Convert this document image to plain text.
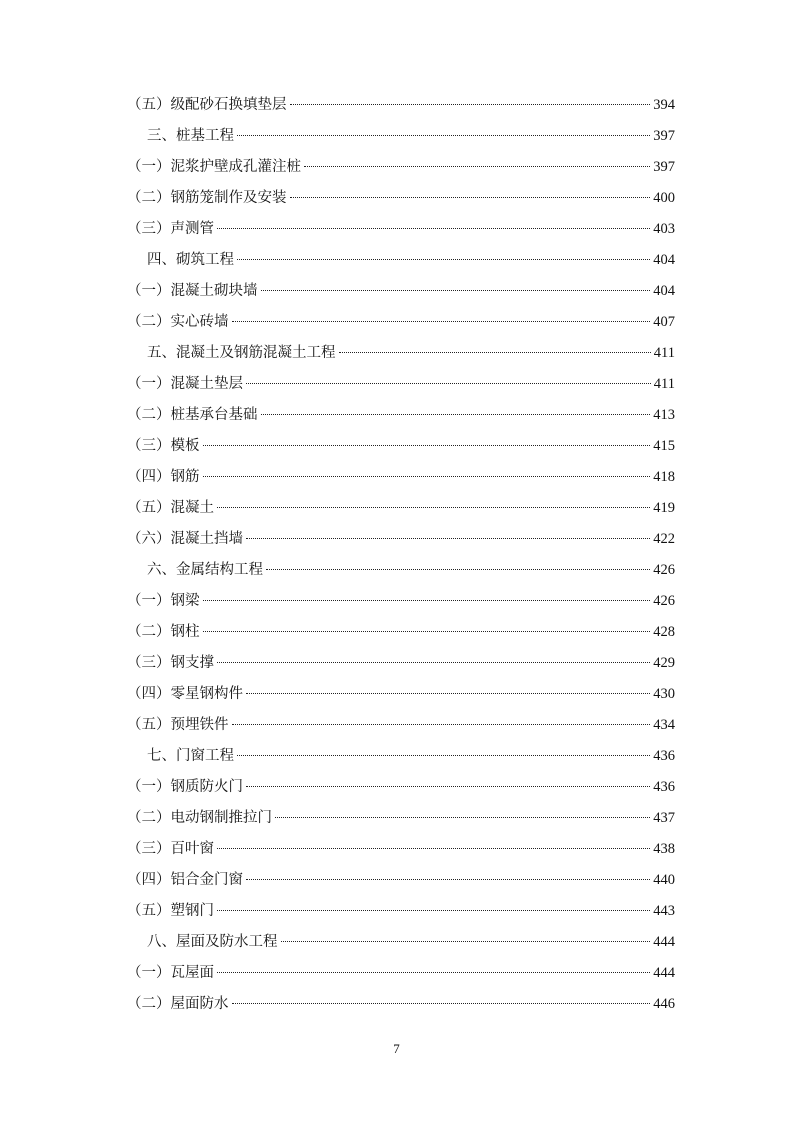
（五）级配砂石换填垫层	394
三、桩基工程	397
（一）泥浆护壁成孔灌注桩	397
（二）钢筋笼制作及安装	400
（三）声测管	403
四、砌筑工程	404
（一）混凝土砌块墙	404
（二）实心砖墙	407
五、混凝土及钢筋混凝土工程	411
（一）混凝土垫层	411
（二）桩基承台基础	413
（三）模板	415
（四）钢筋	418
（五）混凝土	419
（六）混凝土挡墙	422
六、金属结构工程	426
（一）钢梁	426
（二）钢柱	428
（三）钢支撑	429
（四）零星钢构件	430
（五）预埋铁件	434
七、门窗工程	436
（一）钢质防火门	436
（二）电动钢制推拉门	437
（三）百叶窗	438
（四）铝合金门窗	440
（五）塑钢门	443
八、屋面及防水工程	444
（一）瓦屋面	444
（二）屋面防水	446
7
